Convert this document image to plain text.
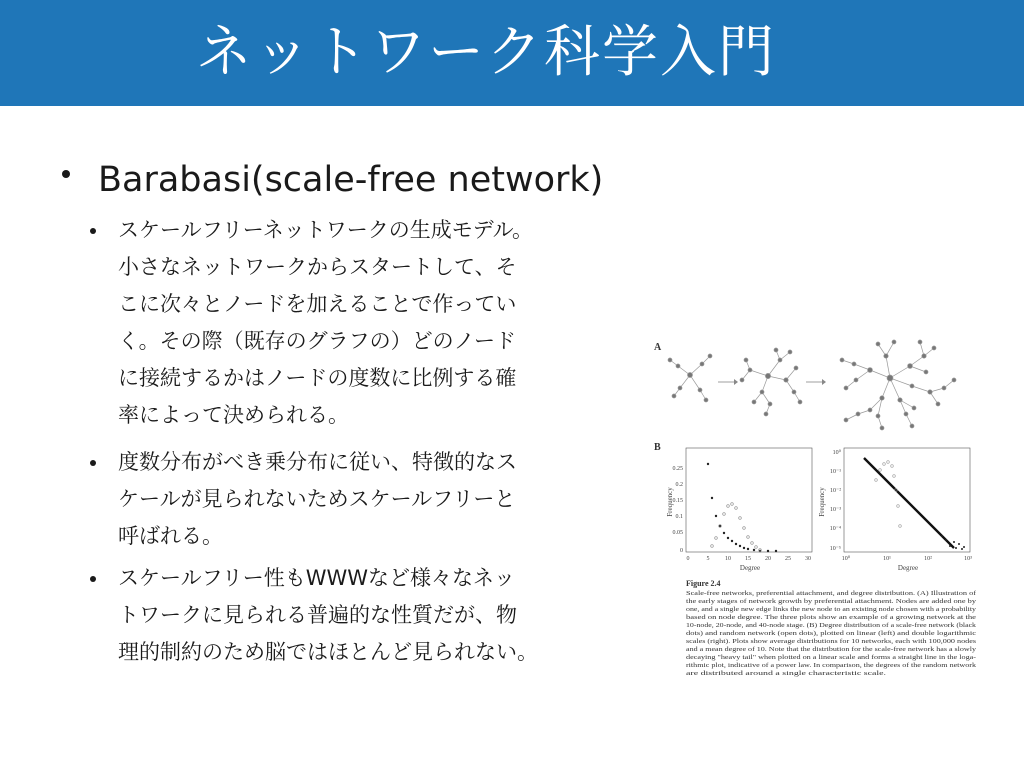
ネットワーク科学入門
Barabasi(scale-free network)
スケールフリーネットワークの生成モデル。
小さなネットワークからスタートして、そ
こに次々とノードを加えることで作ってい
く。その際（既存のグラフの）どのノード
に接続するかはノードの度数に比例する確
率によって決められる。
度数分布がべき乗分布に従い、特徴的なス
ケールが見られないためスケールフリーと
呼ばれる。
スケールフリー性もWWWなど様々なネッ
トワークに見られる普遍的な性質だが、物
理的制約のため脳ではほとんど見られない。
A
B
0.25
0.2
0.15
0.1
0.05
0
0	5	10 15 20 25 30
Degree
Frequency
10⁰
10⁻¹
10⁻²
10⁻³
10⁻⁴
10⁻⁵
10⁰	10¹	10²	10³
Degree
Frequency
Figure 2.4
Scale-free networks, preferential attachment, and degree distribution. (A) Illustration of
the early stages of network growth by preferential attachment. Nodes are added one by
one, and a single new edge links the new node to an existing node chosen with a probability
based on node degree. The three plots show an example of a growing network at the
10-node, 20-node, and 40-node stage. (B) Degree distribution of a scale-free network (black
dots) and random network (open dots), plotted on linear (left) and double logarithmic
scales (right). Plots show average distributions for 10 networks, each with 100,000 nodes
and a mean degree of 10. Note that the distribution for the scale-free network has a slowly
decaying "heavy tail" when plotted on a linear scale and forms a straight line in the loga-
rithmic plot, indicative of a power law. In comparison, the degrees of the random network
are distributed around a single characteristic scale.
